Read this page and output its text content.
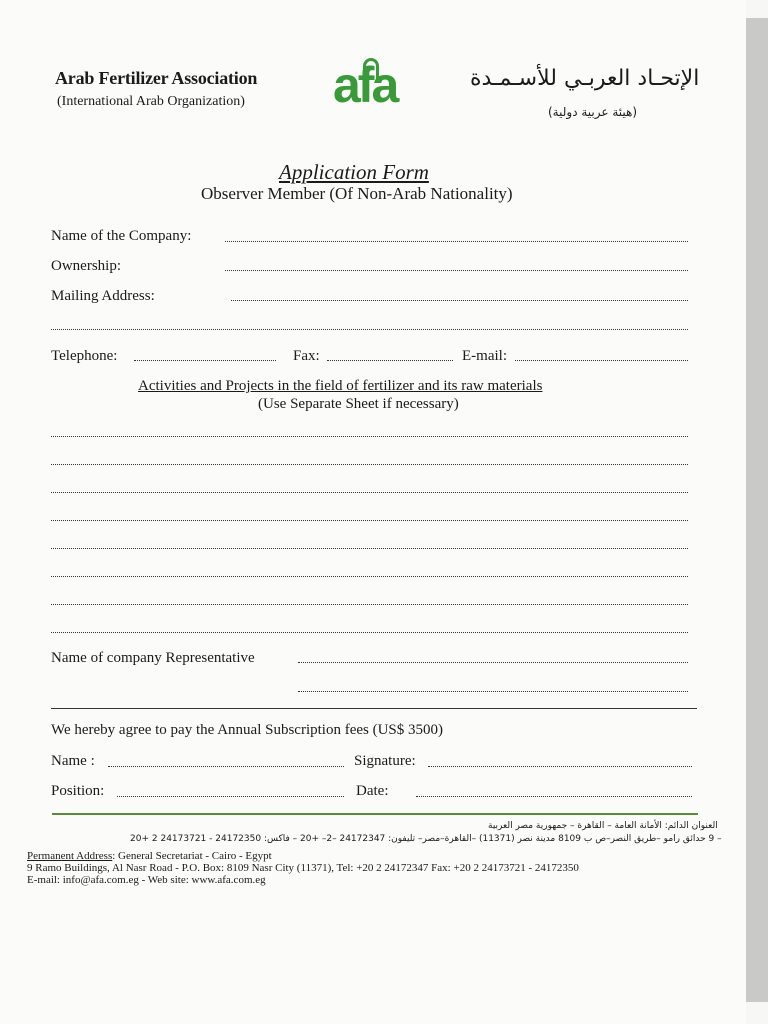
Arab Fertilizer Association
(International Arab Organization) afa	الإتحـاد العربـي للأسـمـدة
(هيئة عربية دولية)
Application Form
Observer Member (Of Non-Arab Nationality)
Name of the Company:
Ownership:
Mailing Address:
Telephone:	Fax:	E-mail:
Activities and Projects in the field of fertilizer and its raw materials
(Use Separate Sheet if necessary)
Name of company Representative
We hereby agree to pay the Annual Subscription fees (US$ 3500)
Name :	Signature:
Position:	Date:
العنوان الدائم: الأمانة العامة – القاهرة – جمهورية مصر العربية
– 9 حدائق رامو –طريق النصر–ص ب 8109 مدينة نصر (11371) –القاهرة–مصر– تليفون: 24172347 –2– +20 – فاكس: 24172350 - 24173721 2 +20
Permanent Address: General Secretariat - Cairo - Egypt
9 Ramo Buildings, Al Nasr Road - P.O. Box: 8109 Nasr City (11371), Tel: +20 2 24172347 Fax: +20 2 24173721 - 24172350
E-mail: info@afa.com.eg - Web site: www.afa.com.eg
